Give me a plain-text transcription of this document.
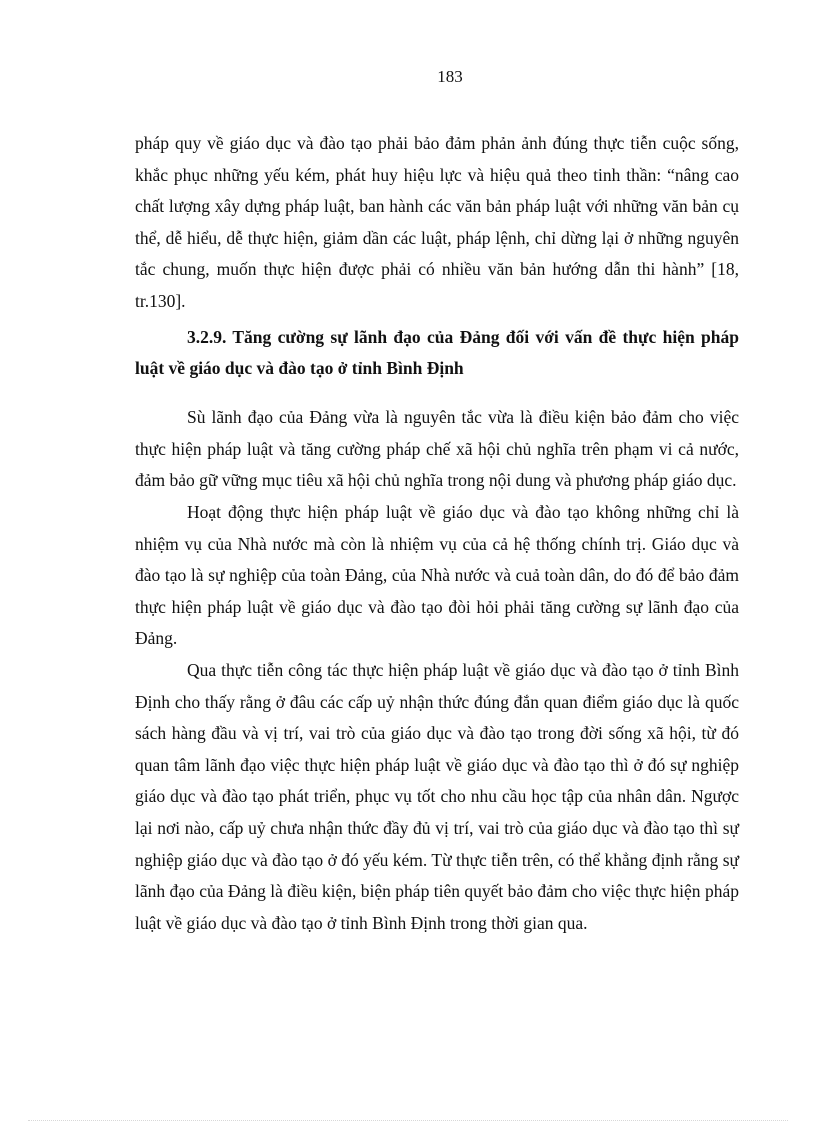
183

pháp quy về giáo dục và đào tạo phải bảo đảm phản ảnh đúng thực tiễn cuộc sống, khắc phục những yếu kém, phát huy hiệu lực và hiệu quả theo tinh thần: “nâng cao chất lượng xây dựng pháp luật, ban hành các văn bản pháp luật với những văn bản cụ thể, dễ hiểu, dễ thực hiện, giảm dần các luật, pháp lệnh, chỉ dừng lại ở những nguyên tắc chung, muốn thực hiện được phải có nhiều văn bản hướng dẫn thi hành” [18, tr.130].

3.2.9. Tăng cường sự lãnh đạo của Đảng đối với vấn đề thực hiện pháp luật về giáo dục và đào tạo ở tỉnh Bình Định

Sù lãnh đạo của Đảng vừa là nguyên tắc vừa là điều kiện bảo đảm cho việc thực hiện pháp luật và tăng cường pháp chế xã hội chủ nghĩa trên phạm vi cả nước, đảm bảo gữ vững mục tiêu xã hội chủ nghĩa trong nội dung và phương pháp giáo dục.

Hoạt động thực hiện pháp luật về giáo dục và đào tạo không những chỉ là nhiệm vụ của Nhà nước mà còn là nhiệm vụ của cả hệ thống chính trị. Giáo dục và đào tạo là sự nghiệp của toàn Đảng, của Nhà nước và cuả toàn dân, do đó để bảo đảm thực hiện pháp luật về giáo dục và đào tạo đòi hỏi phải tăng cường sự lãnh đạo của Đảng.

Qua thực tiễn công tác thực hiện pháp luật về giáo dục và đào tạo ở tỉnh Bình Định cho thấy rằng ở đâu các cấp uỷ nhận thức đúng đắn quan điểm giáo dục là quốc sách hàng đầu và vị trí, vai trò của giáo dục và đào tạo trong đời sống xã hội, từ đó quan tâm lãnh đạo việc thực hiện pháp luật về giáo dục và đào tạo thì ở đó sự nghiệp giáo dục và đào tạo phát triển, phục vụ tốt cho nhu cầu học tập của nhân dân. Ngược lại nơi nào, cấp uỷ chưa nhận thức đầy đủ vị trí, vai trò của giáo dục và đào tạo thì sự nghiệp giáo dục và đào tạo ở đó yếu kém. Từ thực tiễn trên, có thể khẳng định rằng sự lãnh đạo của Đảng là điều kiện, biện pháp tiên quyết bảo đảm cho việc thực hiện pháp luật về giáo dục và đào tạo ở tỉnh Bình Định trong thời gian qua.
